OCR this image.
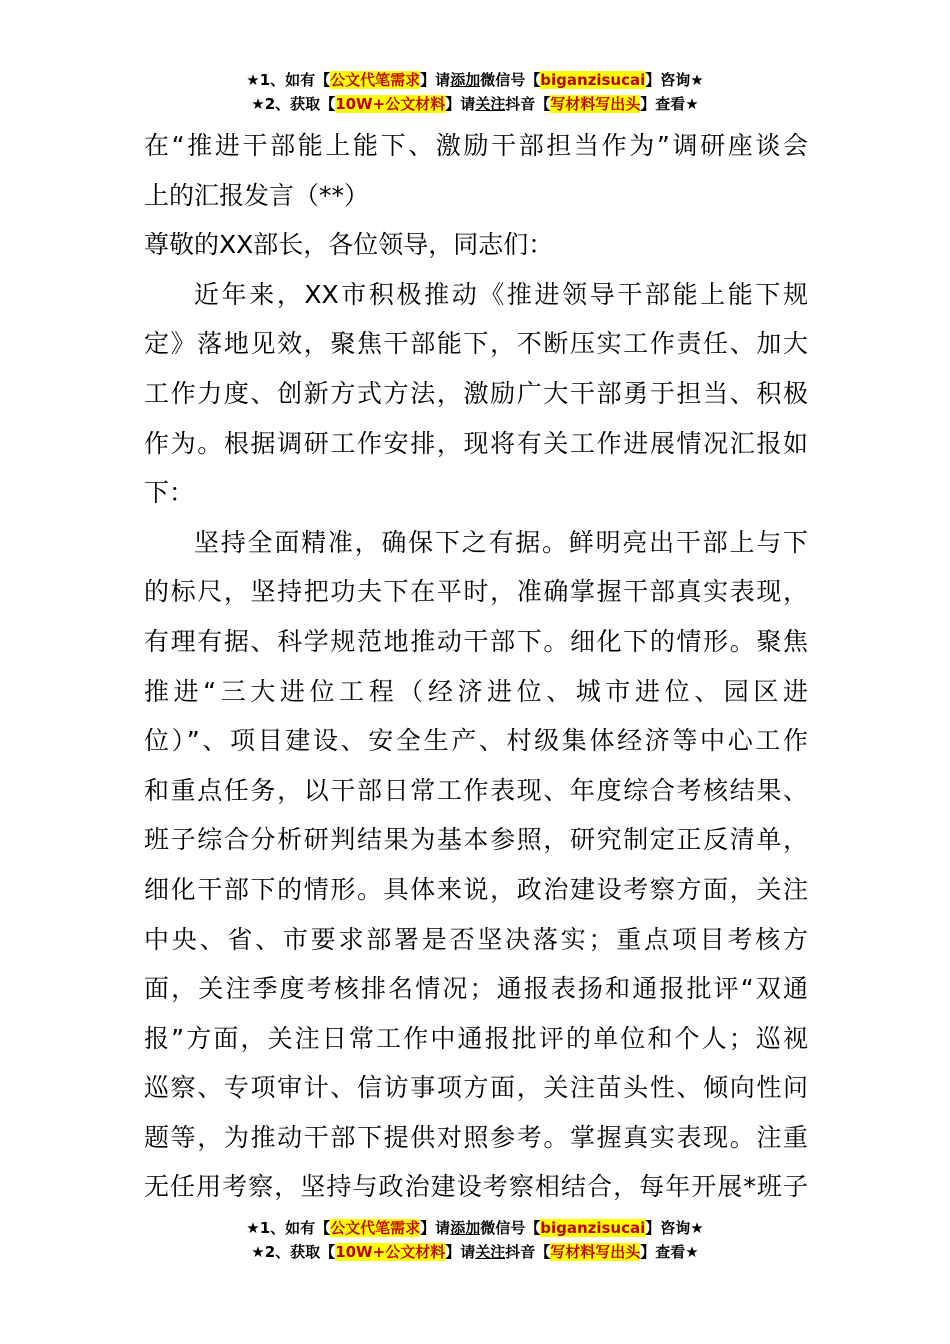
★1、如有【公文代笔需求】请添加微信号【biganzisucai】咨询★
★2、获取【10W+公文材料】请关注抖音【写材料写出头】查看★
在“推进干部能上能下、激励干部担当作为”调研座谈会
上的汇报发言（**）
尊敬的XX部长，各位领导，同志们：
近年来，XX市积极推动《推进领导干部能上能下规
定》落地见效，聚焦干部能下，不断压实工作责任、加大
工作力度、创新方式方法，激励广大干部勇于担当、积极
作为。根据调研工作安排，现将有关工作进展情况汇报如
下：
坚持全面精准，确保下之有据。鲜明亮出干部上与下
的标尺，坚持把功夫下在平时，准确掌握干部真实表现，
有理有据、科学规范地推动干部下。细化下的情形。聚焦
推进“三大进位工程（经济进位、城市进位、园区进
位）”、项目建设、安全生产、村级集体经济等中心工作
和重点任务，以干部日常工作表现、年度综合考核结果、
班子综合分析研判结果为基本参照，研究制定正反清单，
细化干部下的情形。具体来说，政治建设考察方面，关注
中央、省、市要求部署是否坚决落实；重点项目考核方
面，关注季度考核排名情况；通报表扬和通报批评“双通
报”方面，关注日常工作中通报批评的单位和个人；巡视
巡察、专项审计、信访事项方面，关注苗头性、倾向性问
题等，为推动干部下提供对照参考。掌握真实表现。注重
无任用考察，坚持与政治建设考察相结合，每年开展*班子
★1、如有【公文代笔需求】请添加微信号【biganzisucai】咨询★
★2、获取【10W+公文材料】请关注抖音【写材料写出头】查看★
